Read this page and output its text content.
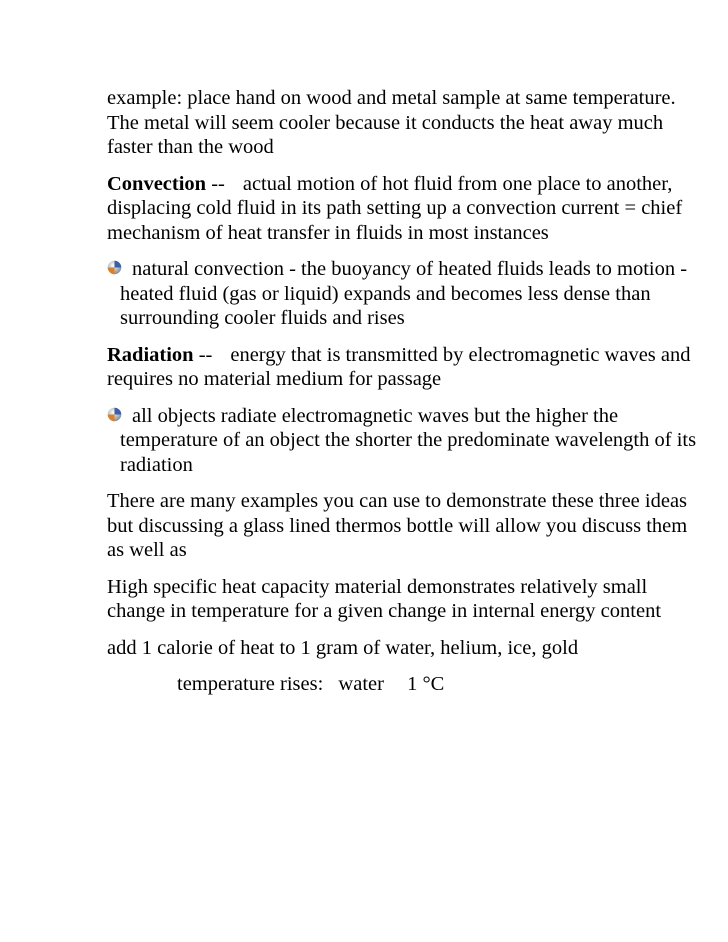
example: place hand on wood and metal sample at same temperature. The metal will seem cooler because it conducts the heat away much faster than the wood

Convection -- actual motion of hot fluid from one place to another, displacing cold fluid in its path setting up a convection current = chief mechanism of heat transfer in fluids in most instances

natural convection - the buoyancy of heated fluids leads to motion - heated fluid (gas or liquid) expands and becomes less dense than surrounding cooler fluids and rises

Radiation -- energy that is transmitted by electromagnetic waves and requires no material medium for passage

all objects radiate electromagnetic waves but the higher the temperature of an object the shorter the predominate wavelength of its radiation

There are many examples you can use to demonstrate these three ideas but discussing a glass lined thermos bottle will allow you discuss them as well as

High specific heat capacity material demonstrates relatively small change in temperature for a given change in internal energy content

add 1 calorie of heat to 1 gram of water, helium, ice, gold

temperature rises: water 1 °C
